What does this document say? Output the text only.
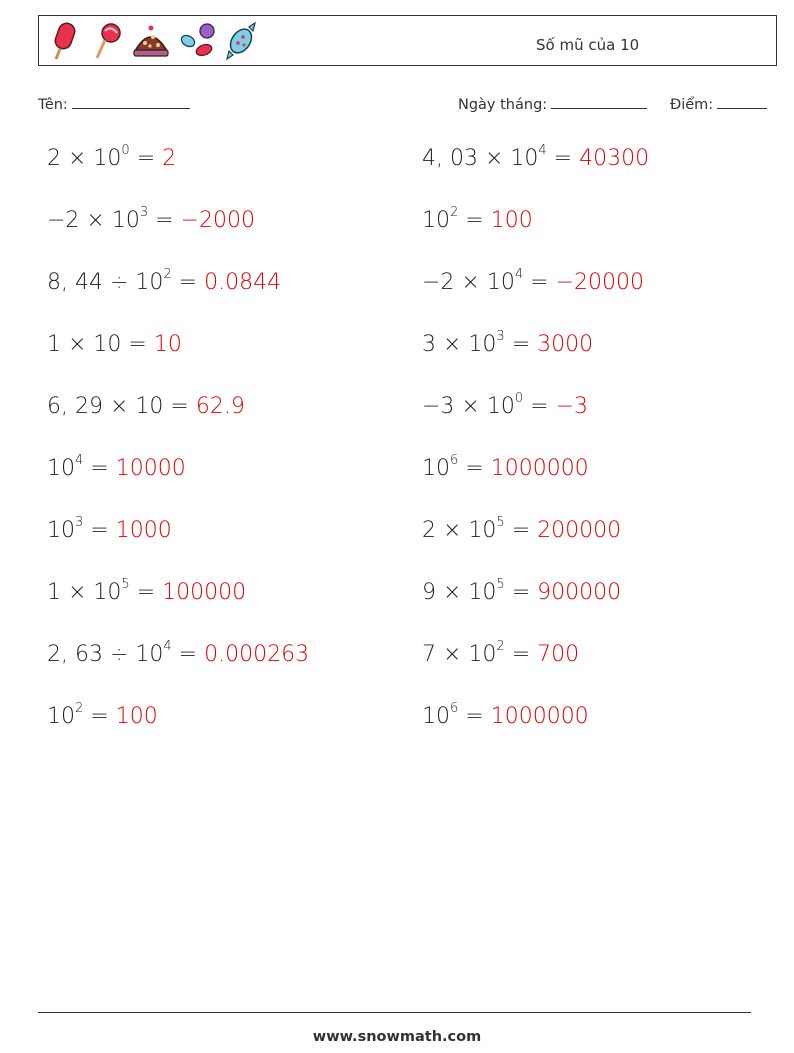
Số mũ của 10
Tên:	Ngày tháng:	Điểm:
$2 \times 10^0 = 2$	4, $03 \times 10^4 = 40300$
$-2 \times 10^3 = -2000$	$10^2 = 100$
8, $44 \div 10^2 = 0.0844$	$-2 \times 10^4 = -20000$
1 × 10 = 10	$3 \times 10^3 = 3000$
6, 29 × 10 = 62.9	$-3 \times 10^0 = -3$
$10^4 = 10000$	$10^6 = 1000000$
$10^3 = 1000$	$2 \times 10^5 = 200000$
$1 \times 10^5 = 100000$	$9 \times 10^5 = 900000$
2, $63 \div 10^4 = 0.000263$	$7 \times 10^2 = 700$
$10^2 = 100$	$10^6 = 1000000$
www.snowmath.com
